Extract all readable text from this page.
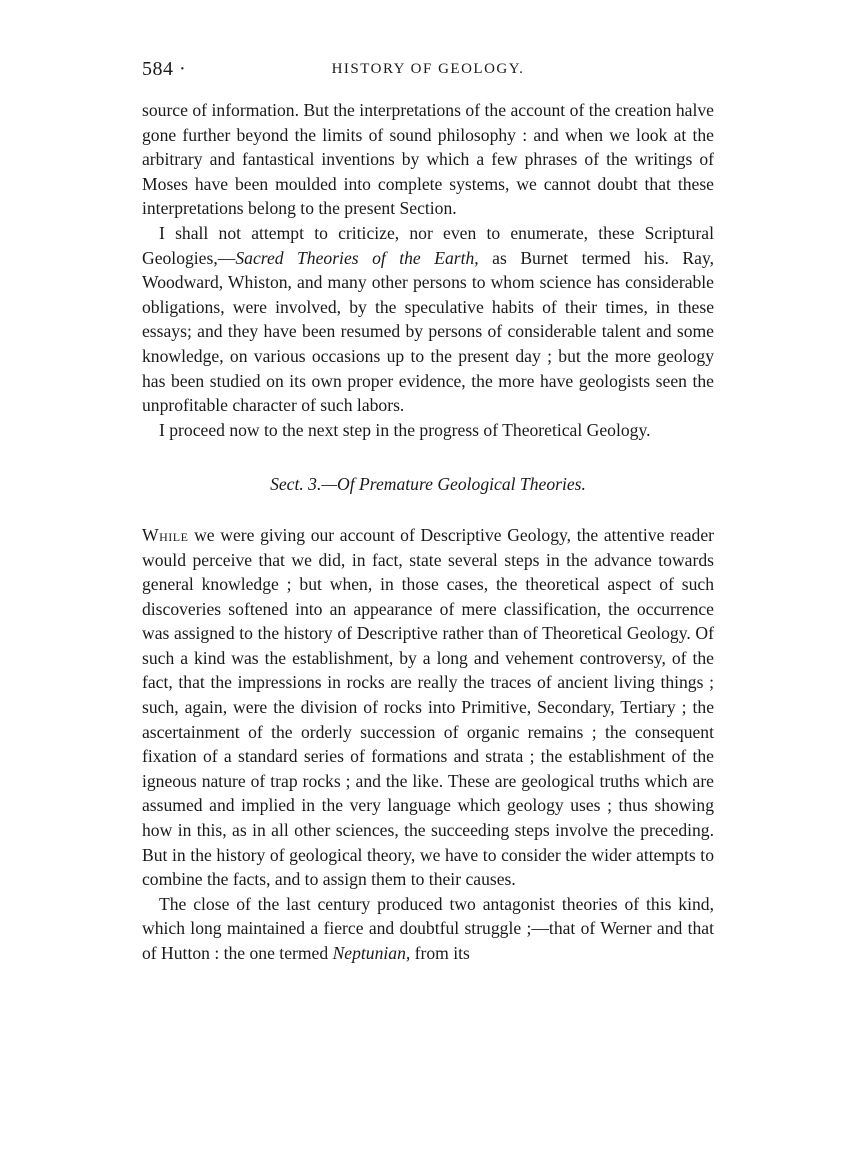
584 ·	HISTORY OF GEOLOGY.

source of information. But the interpretations of the account of the creation halve gone further beyond the limits of sound philosophy : and when we look at the arbitrary and fantastical inventions by which a few phrases of the writings of Moses have been moulded into complete systems, we cannot doubt that these interpretations belong to the present Section.

I shall not attempt to criticize, nor even to enumerate, these Scriptural Geologies,—Sacred Theories of the Earth, as Burnet termed his. Ray, Woodward, Whiston, and many other persons to whom science has considerable obligations, were involved, by the speculative habits of their times, in these essays; and they have been resumed by persons of considerable talent and some knowledge, on various occasions up to the present day ; but the more geology has been studied on its own proper evidence, the more have geologists seen the unprofitable character of such labors.

I proceed now to the next step in the progress of Theoretical Geology.

Sect. 3.—Of Premature Geological Theories.

While we were giving our account of Descriptive Geology, the attentive reader would perceive that we did, in fact, state several steps in the advance towards general knowledge ; but when, in those cases, the theoretical aspect of such discoveries softened into an appearance of mere classification, the occurrence was assigned to the history of Descriptive rather than of Theoretical Geology. Of such a kind was the establishment, by a long and vehement controversy, of the fact, that the impressions in rocks are really the traces of ancient living things ; such, again, were the division of rocks into Primitive, Secondary, Tertiary ; the ascertainment of the orderly succession of organic remains ; the consequent fixation of a standard series of formations and strata ; the establishment of the igneous nature of trap rocks ; and the like. These are geological truths which are assumed and implied in the very language which geology uses ; thus showing how in this, as in all other sciences, the succeeding steps involve the preceding. But in the history of geological theory, we have to consider the wider attempts to combine the facts, and to assign them to their causes.

The close of the last century produced two antagonist theories of this kind, which long maintained a fierce and doubtful struggle ;—that of Werner and that of Hutton : the one termed Neptunian, from its
